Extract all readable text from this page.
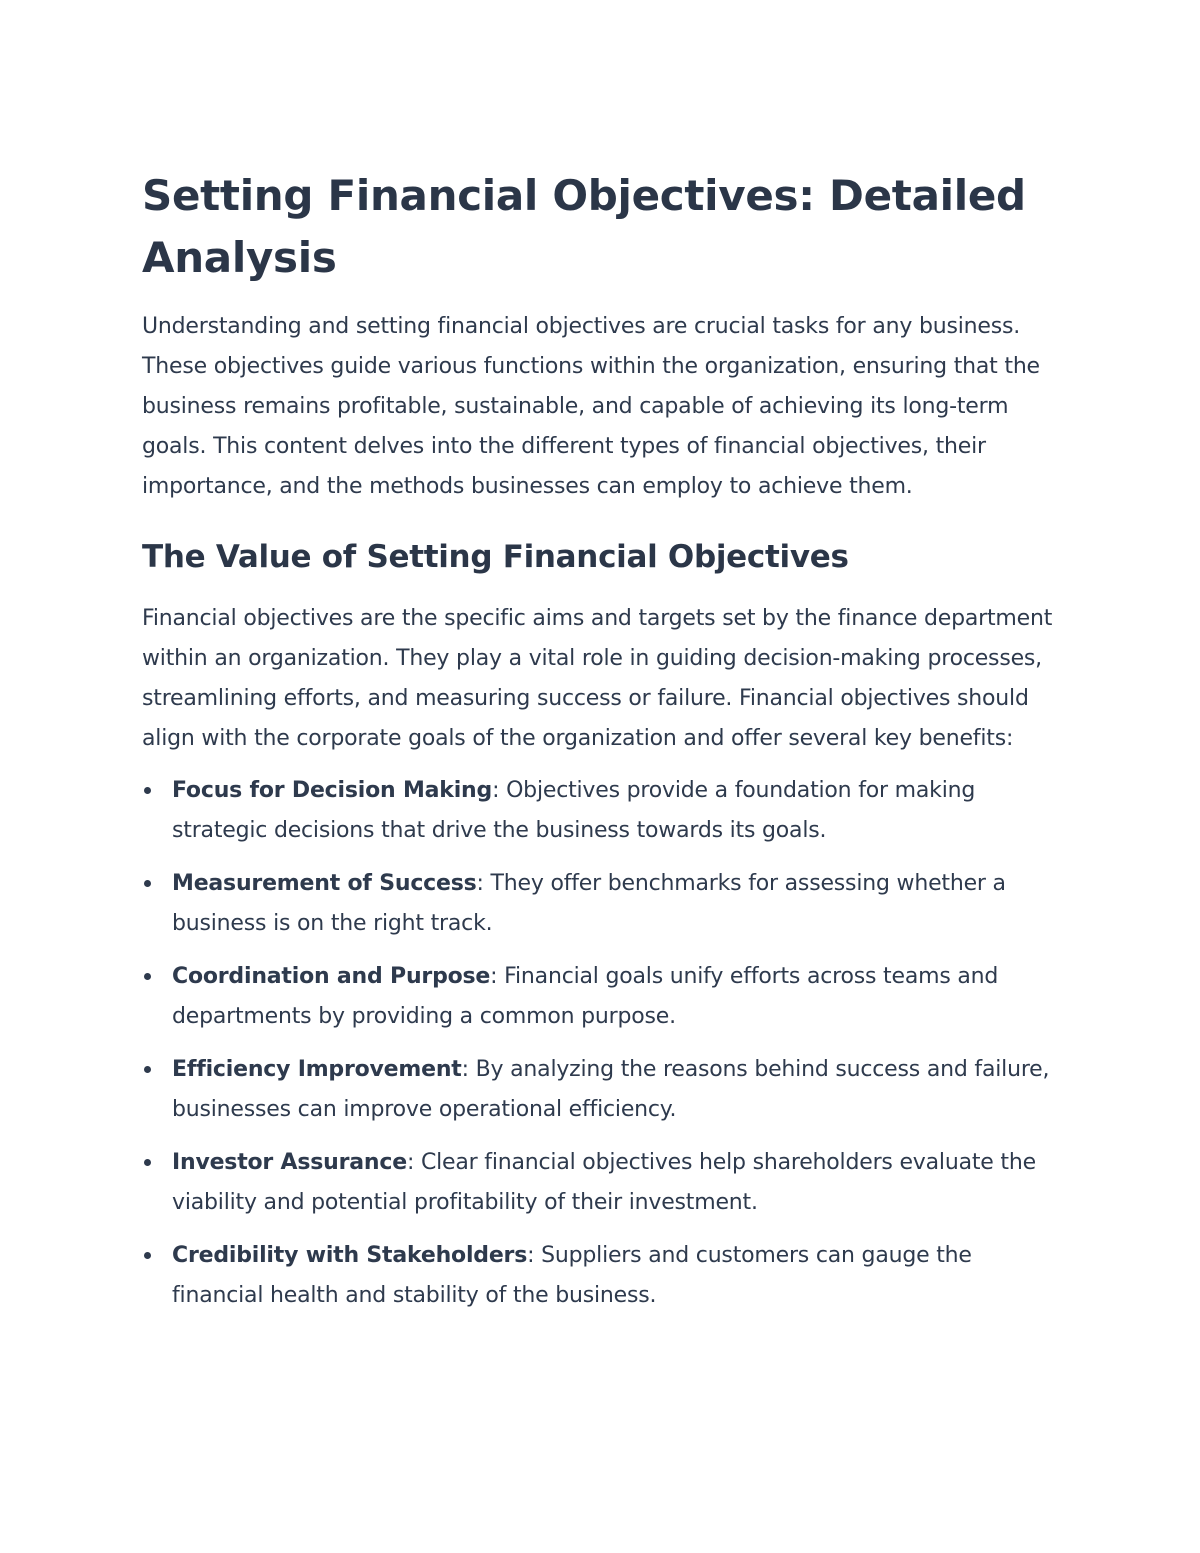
Setting Financial Objectives: Detailed Analysis

Understanding and setting financial objectives are crucial tasks for any business. These objectives guide various functions within the organization, ensuring that the business remains profitable, sustainable, and capable of achieving its long-term goals. This content delves into the different types of financial objectives, their importance, and the methods businesses can employ to achieve them.

The Value of Setting Financial Objectives

Financial objectives are the specific aims and targets set by the finance department within an organization. They play a vital role in guiding decision-making processes, streamlining efforts, and measuring success or failure. Financial objectives should align with the corporate goals of the organization and offer several key benefits:

Focus for Decision Making: Objectives provide a foundation for making strategic decisions that drive the business towards its goals.
Measurement of Success: They offer benchmarks for assessing whether a business is on the right track.
Coordination and Purpose: Financial goals unify efforts across teams and departments by providing a common purpose.
Efficiency Improvement: By analyzing the reasons behind success and failure, businesses can improve operational efficiency.
Investor Assurance: Clear financial objectives help shareholders evaluate the viability and potential profitability of their investment.
Credibility with Stakeholders: Suppliers and customers can gauge the financial health and stability of the business.
